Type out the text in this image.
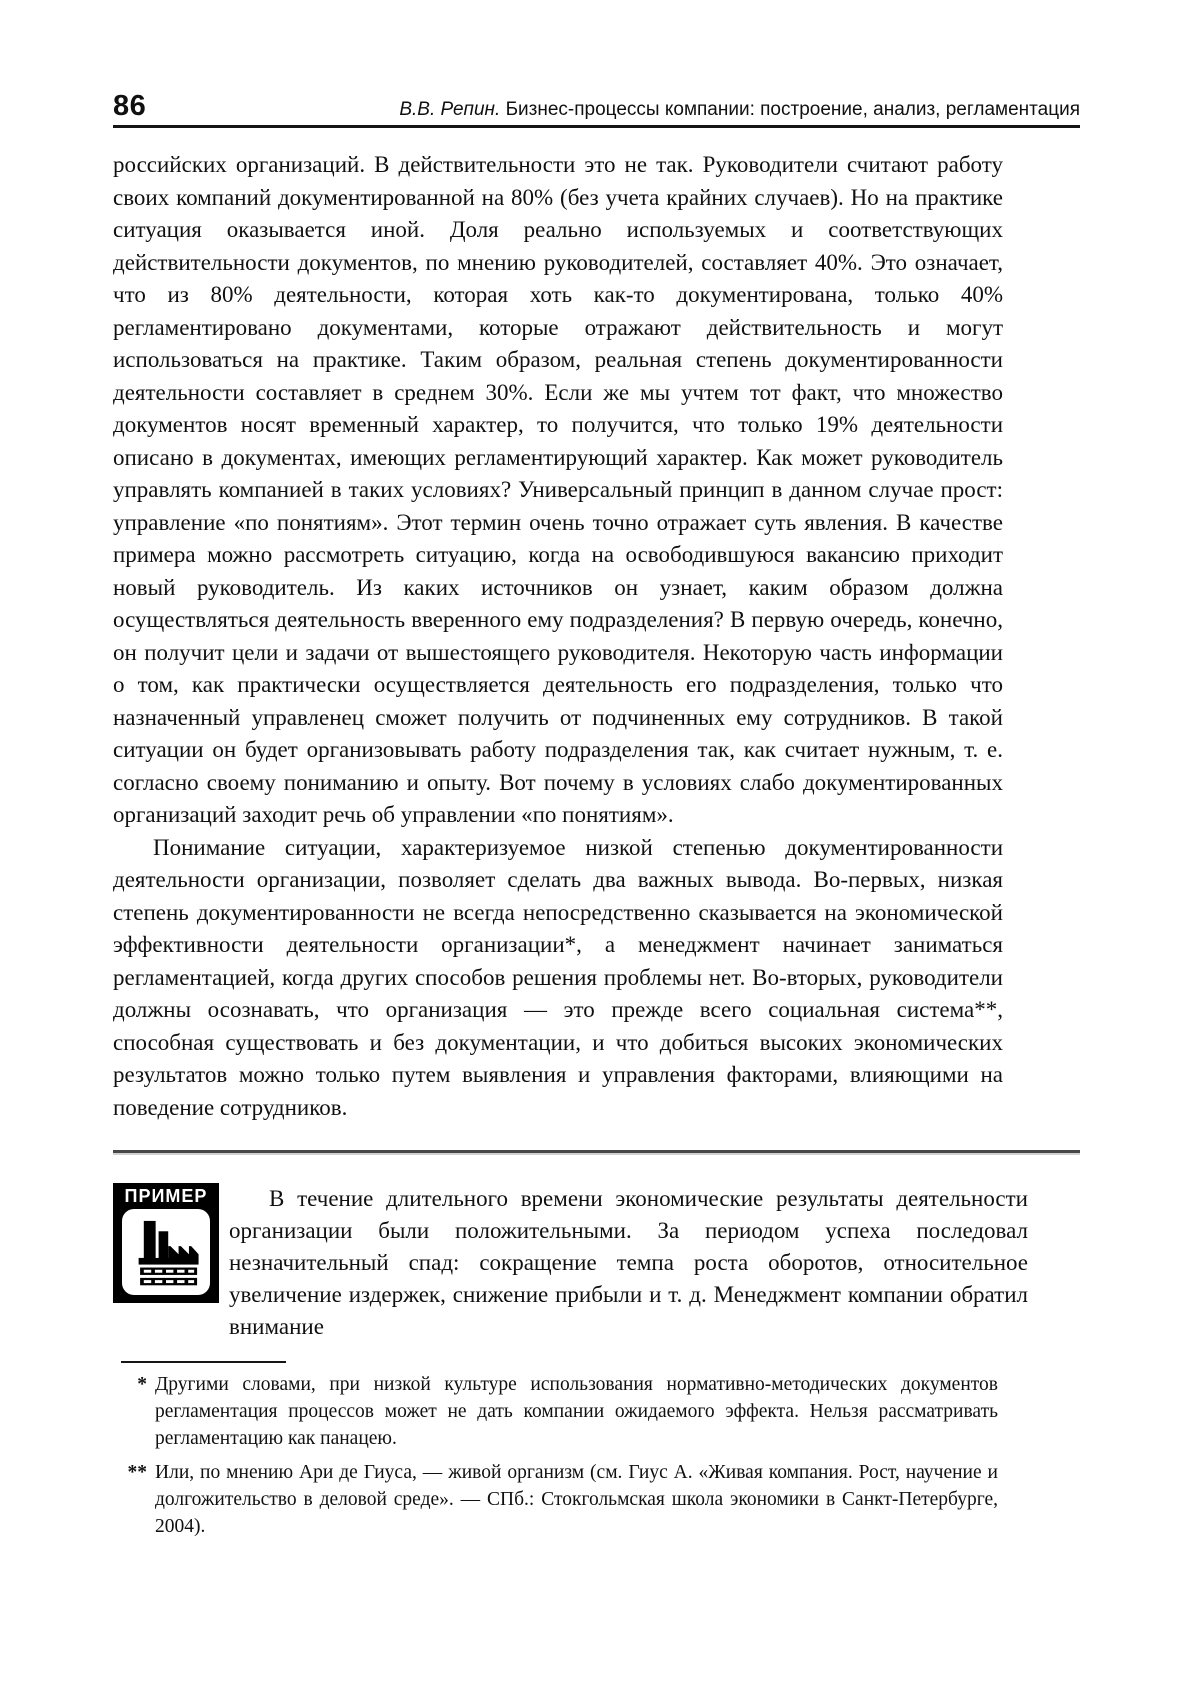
86	В.В. Репин. Бизнес-процессы компании: построение, анализ, регламентация

российских организаций. В действительности это не так. Руководители считают работу своих компаний документированной на 80% (без учета крайних случаев). Но на практике ситуация оказывается иной. Доля реально используемых и соответствующих действительности документов, по мнению руководителей, составляет 40%. Это означает, что из 80% деятельности, которая хоть как-то документирована, только 40% регламентировано документами, которые отражают действительность и могут использоваться на практике. Таким образом, реальная степень документированности деятельности составляет в среднем 30%. Если же мы учтем тот факт, что множество документов носят временный характер, то получится, что только 19% деятельности описано в документах, имеющих регламентирующий характер. Как может руководитель управлять компанией в таких условиях? Универсальный принцип в данном случае прост: управление «по понятиям». Этот термин очень точно отражает суть явления. В качестве примера можно рассмотреть ситуацию, когда на освободившуюся вакансию приходит новый руководитель. Из каких источников он узнает, каким образом должна осуществляться деятельность вверенного ему подразделения? В первую очередь, конечно, он получит цели и задачи от вышестоящего руководителя. Некоторую часть информации о том, как практически осуществляется деятельность его подразделения, только что назначенный управленец сможет получить от подчиненных ему сотрудников. В такой ситуации он будет организовывать работу подразделения так, как считает нужным, т. е. согласно своему пониманию и опыту. Вот почему в условиях слабо документированных организаций заходит речь об управлении «по понятиям».

Понимание ситуации, характеризуемое низкой степенью документированности деятельности организации, позволяет сделать два важных вывода. Во-первых, низкая степень документированности не всегда непосредственно сказывается на экономической эффективности деятельности организации*, а менеджмент начинает заниматься регламентацией, когда других способов решения проблемы нет. Во-вторых, руководители должны осознавать, что организация — это прежде всего социальная система**, способная существовать и без документации, и что добиться высоких экономических результатов можно только путем выявления и управления факторами, влияющими на поведение сотрудников.

ПРИМЕР	В течение длительного времени экономические результаты деятельности организации были положительными. За периодом успеха последовал незначительный спад: сокращение темпа роста оборотов, относительное увеличение издержек, снижение прибыли и т. д. Менеджмент компании обратил внимание
* Другими словами, при низкой культуре использования нормативно-методических документов регламентация процессов может не дать компании ожидаемого эффекта. Нельзя рассматривать регламентацию как панацею.
** Или, по мнению Ари де Гиуса, — живой организм (см. Гиус А. «Живая компания. Рост, научение и долгожительство в деловой среде». — СПб.: Стокгольмская школа экономики в Санкт-Петербурге, 2004).
